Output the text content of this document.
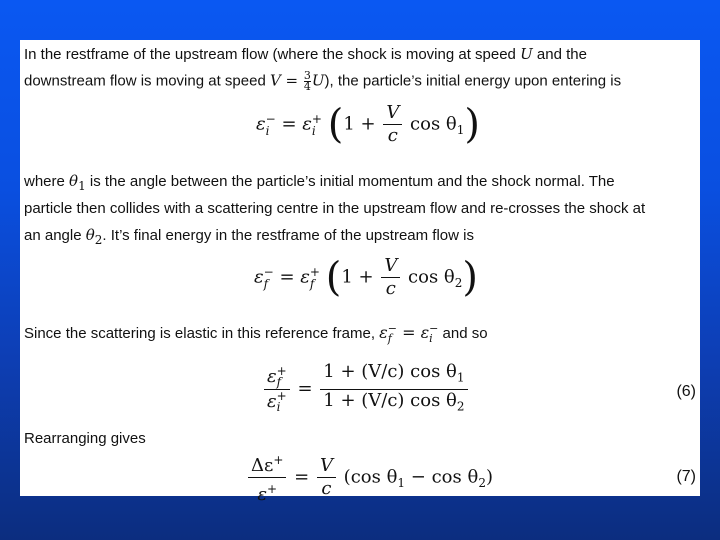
In the restframe of the upstream flow (where the shock is moving at speed U and the
downstream flow is moving at speed $V = \frac{3}{4} U$), the particle’s initial energy upon entering is
ε −
i = ε +
i ($1 + \frac{V}{c}$ $\cos \theta_1$)
where $\theta_1$ is the angle between the particle’s initial momentum and the shock normal. The
particle then collides with a scattering centre in the upstream flow and re-crosses the shock at
an angle $\theta_2$. It’s final energy in the restframe of the upstream flow is
ε −
f = ε +
f ($1 + \frac{V}{c}$ $\cos \theta_2$)
Since the scattering is elastic in this reference frame, ε −
f = ε −
i and so
ε +
f
ε +
$i = \frac{1 + (V/c) \cos \theta_1}{1 + (V/c) \cos \theta_2}$	(6)
Rearranging gives
$\frac{\Delta\varepsilon^+}{\varepsilon^+} = \frac{V}{c} (\cos$ $\theta_1 - \cos \theta_2$)	(7)
